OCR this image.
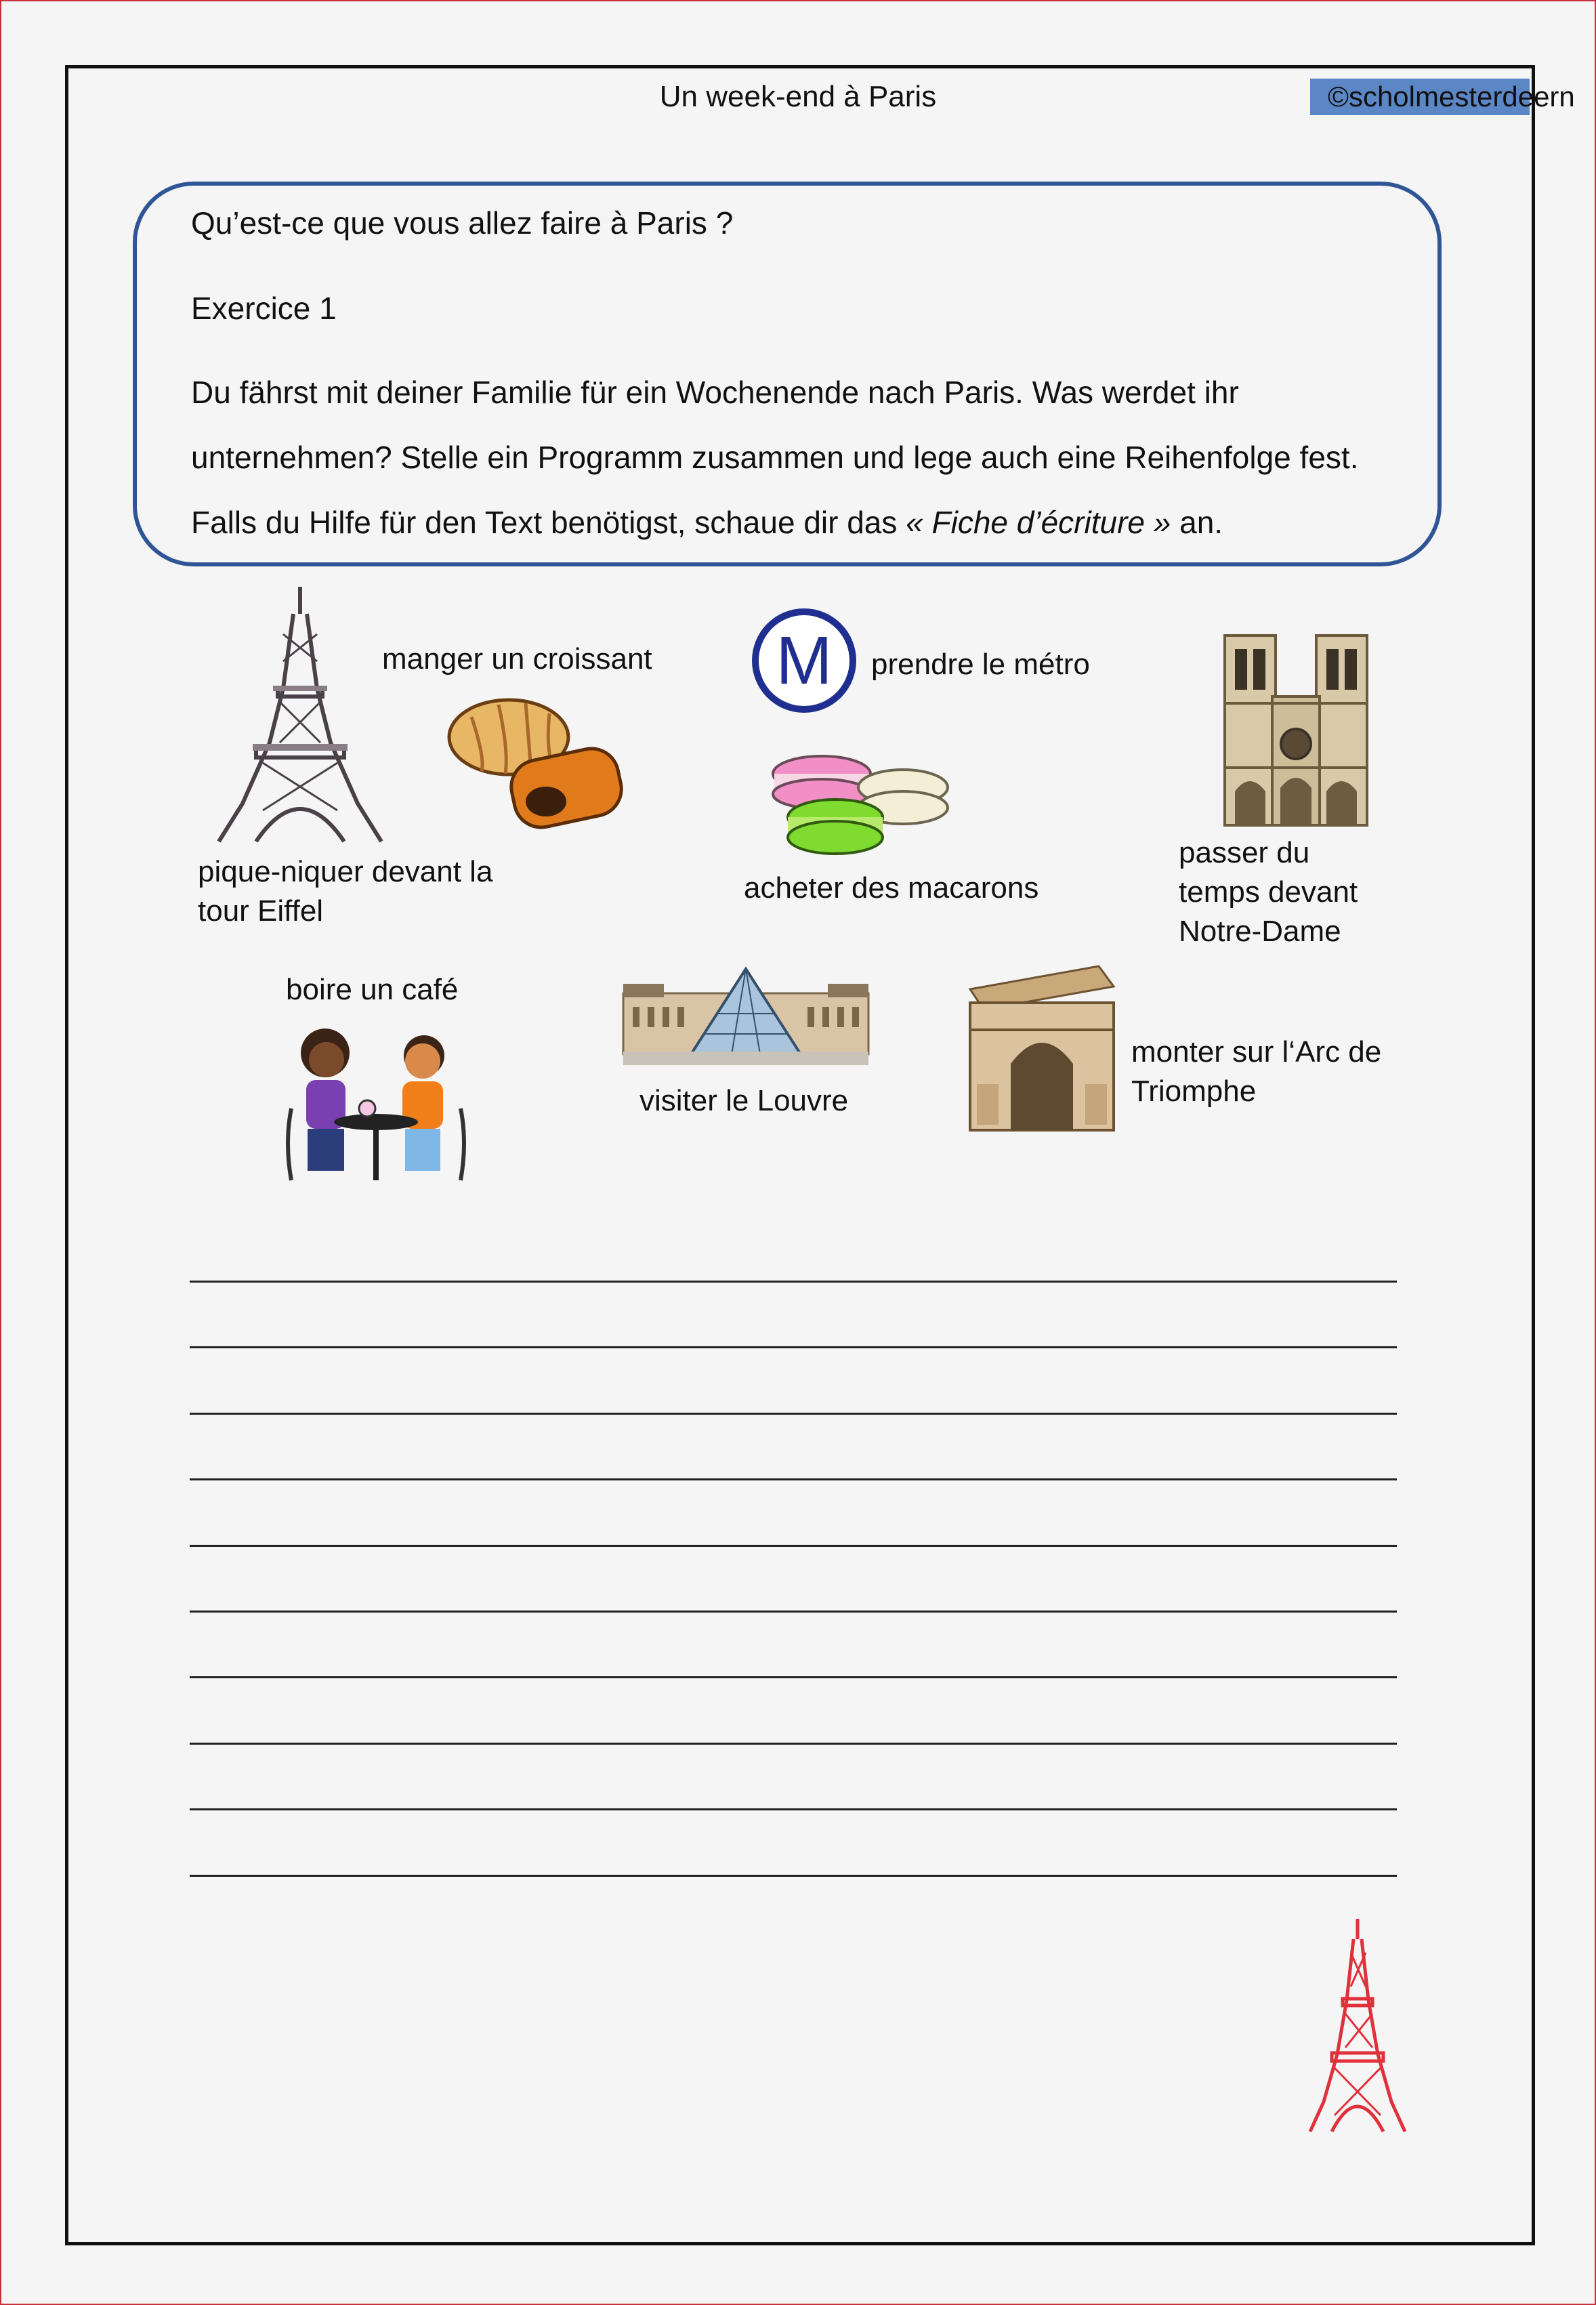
Un week-end à Paris	©scholmesterdeern
Qu’est-ce que vous allez faire à Paris ?
Exercice 1
Du fährst mit deiner Familie für ein Wochenende nach Paris. Was werdet ihr
unternehmen? Stelle ein Programm zusammen und lege auch eine Reihenfolge fest.
Falls du Hilfe für den Text benötigst, schaue dir das « Fiche d’écriture » an.
pique-niquer devant la
tour Eiffel
manger un croissant M prendre le métro
acheter des macarons
passer du
temps devant
Notre-Dame
boire un café
visiter le Louvre
monter sur l‘Arc de
Triomphe
